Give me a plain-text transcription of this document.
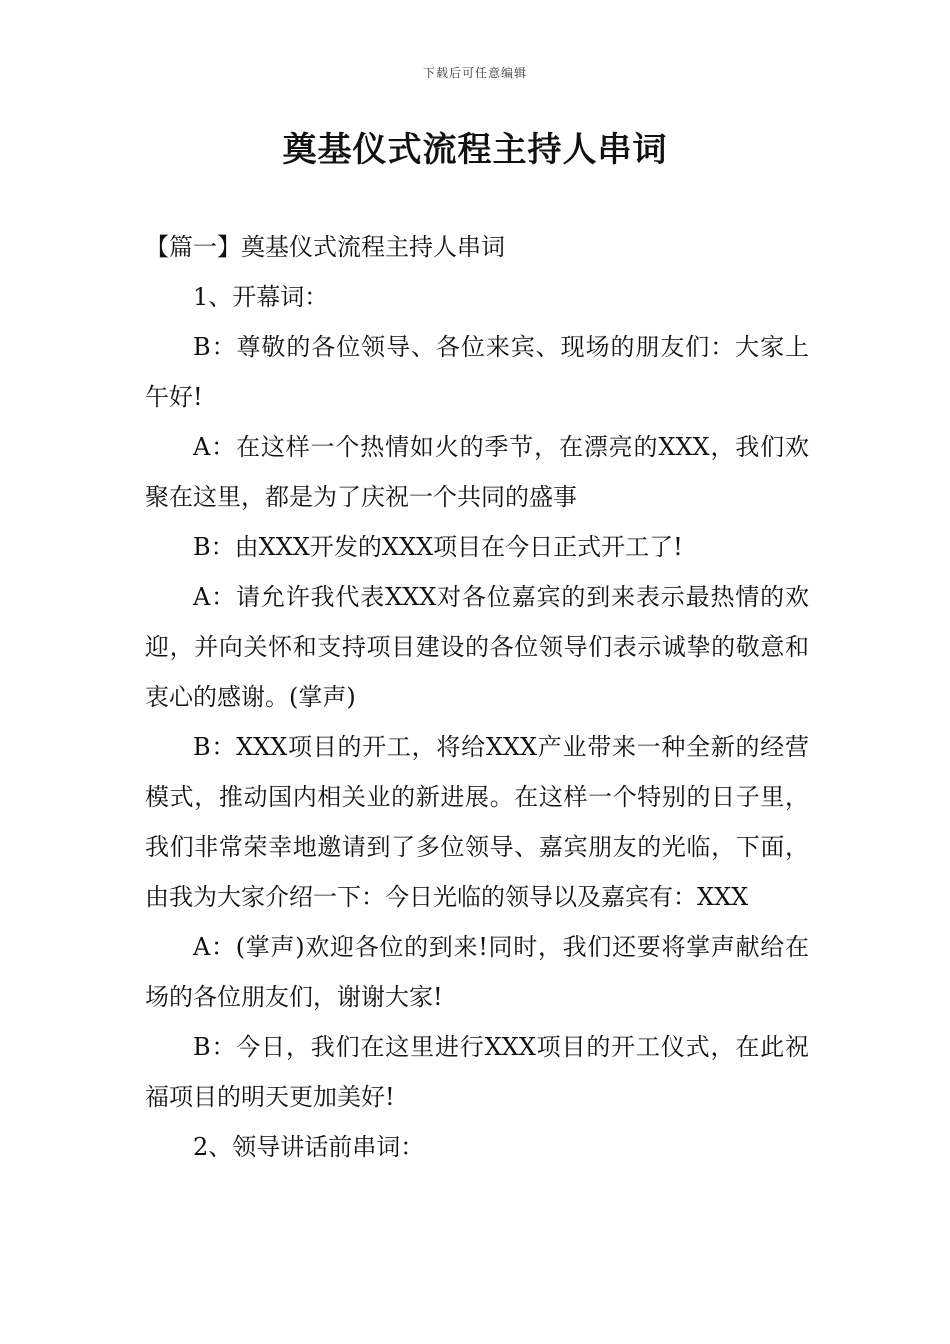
下载后可任意编辑
奠基仪式流程主持人串词

【篇一】奠基仪式流程主持人串词

1、开幕词：

B：尊敬的各位领导、各位来宾、现场的朋友们：大家上午好!

A：在这样一个热情如火的季节，在漂亮的XXX，我们欢聚在这里，都是为了庆祝一个共同的盛事

B：由XXX开发的XXX项目在今日正式开工了!

A：请允许我代表XXX对各位嘉宾的到来表示最热情的欢迎，并向关怀和支持项目建设的各位领导们表示诚挚的敬意和衷心的感谢。(掌声)

B：XXX项目的开工，将给XXX产业带来一种全新的经营模式，推动国内相关业的新进展。在这样一个特别的日子里，我们非常荣幸地邀请到了多位领导、嘉宾朋友的光临，下面，由我为大家介绍一下：今日光临的领导以及嘉宾有：XXX

A：(掌声)欢迎各位的到来!同时，我们还要将掌声献给在场的各位朋友们，谢谢大家!

B：今日，我们在这里进行XXX项目的开工仪式，在此祝福项目的明天更加美好!

2、领导讲话前串词：
